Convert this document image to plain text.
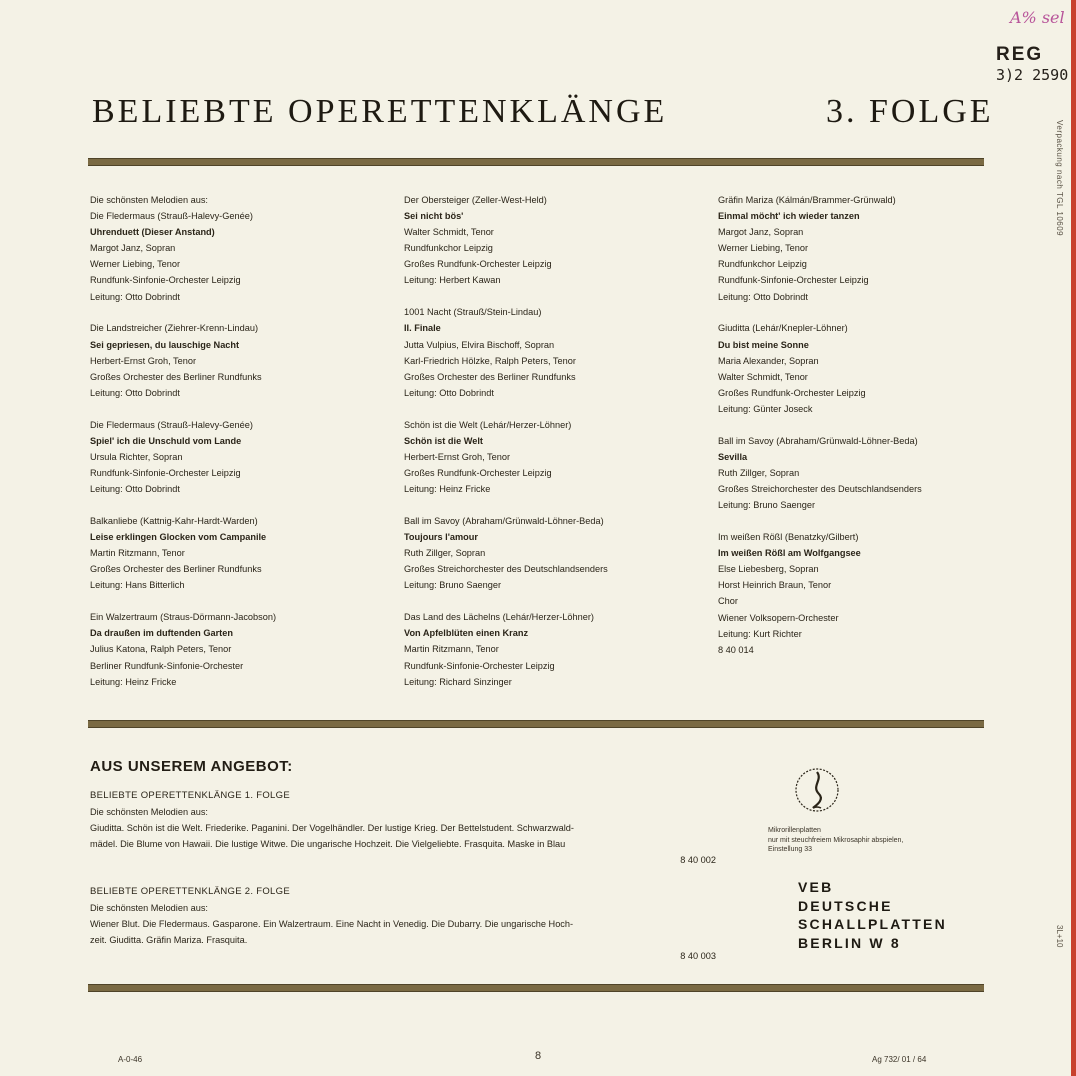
BELIEBTE OPERETTENKLÄNGE	3. FOLGE
A% sel
REG
3)2 2590
Verpackung nach TGL 10609
3L+10
Die schönsten Melodien aus:
Die Fledermaus (Strauß-Halevy-Genée)
Uhrenduett (Dieser Anstand)
Margot Janz, Sopran
Werner Liebing, Tenor
Rundfunk-Sinfonie-Orchester Leipzig
Leitung: Otto Dobrindt
Die Landstreicher (Ziehrer-Krenn-Lindau)
Sei gepriesen, du lauschige Nacht
Herbert-Ernst Groh, Tenor
Großes Orchester des Berliner Rundfunks
Leitung: Otto Dobrindt
Die Fledermaus (Strauß-Halevy-Genée)
Spiel' ich die Unschuld vom Lande
Ursula Richter, Sopran
Rundfunk-Sinfonie-Orchester Leipzig
Leitung: Otto Dobrindt
Balkanliebe (Kattnig-Kahr-Hardt-Warden)
Leise erklingen Glocken vom Campanile
Martin Ritzmann, Tenor
Großes Orchester des Berliner Rundfunks
Leitung: Hans Bitterlich
Ein Walzertraum (Straus-Dörmann-Jacobson)
Da draußen im duftenden Garten
Julius Katona, Ralph Peters, Tenor
Berliner Rundfunk-Sinfonie-Orchester
Leitung: Heinz Fricke
Der Obersteiger (Zeller-West-Held)
Sei nicht bös'
Walter Schmidt, Tenor
Rundfunkchor Leipzig
Großes Rundfunk-Orchester Leipzig
Leitung: Herbert Kawan
1001 Nacht (Strauß/Stein-Lindau)
II. Finale
Jutta Vulpius, Elvira Bischoff, Sopran
Karl-Friedrich Hölzke, Ralph Peters, Tenor
Großes Orchester des Berliner Rundfunks
Leitung: Otto Dobrindt
Schön ist die Welt (Lehár/Herzer-Löhner)
Schön ist die Welt
Herbert-Ernst Groh, Tenor
Großes Rundfunk-Orchester Leipzig
Leitung: Heinz Fricke
Ball im Savoy (Abraham/Grünwald-Löhner-Beda)
Toujours l'amour
Ruth Zillger, Sopran
Großes Streichorchester des Deutschlandsenders
Leitung: Bruno Saenger
Das Land des Lächelns (Lehár/Herzer-Löhner)
Von Apfelblüten einen Kranz
Martin Ritzmann, Tenor
Rundfunk-Sinfonie-Orchester Leipzig
Leitung: Richard Sinzinger
Gräfin Mariza (Kálmán/Brammer-Grünwald)
Einmal möcht' ich wieder tanzen
Margot Janz, Sopran
Werner Liebing, Tenor
Rundfunkchor Leipzig
Rundfunk-Sinfonie-Orchester Leipzig
Leitung: Otto Dobrindt
Giuditta (Lehár/Knepler-Löhner)
Du bist meine Sonne
Maria Alexander, Sopran
Walter Schmidt, Tenor
Großes Rundfunk-Orchester Leipzig
Leitung: Günter Joseck
Ball im Savoy (Abraham/Grünwald-Löhner-Beda)
Sevilla
Ruth Zillger, Sopran
Großes Streichorchester des Deutschlandsenders
Leitung: Bruno Saenger
Im weißen Rößl (Benatzky/Gilbert)
Im weißen Rößl am Wolfgangsee
Else Liebesberg, Sopran
Horst Heinrich Braun, Tenor
Chor
Wiener Volksopern-Orchester
Leitung: Kurt Richter
8 40 014
AUS UNSEREM ANGEBOT:
BELIEBTE OPERETTENKLÄNGE 1. FOLGE
Die schönsten Melodien aus:
Giuditta. Schön ist die Welt. Friederike. Paganini. Der Vogelhändler. Der lustige Krieg. Der Bettelstudent. Schwarzwald-
mädel. Die Blume von Hawaii. Die lustige Witwe. Die ungarische Hochzeit. Die Vielgeliebte. Frasquita. Maske in Blau
8 40 002
BELIEBTE OPERETTENKLÄNGE 2. FOLGE
Die schönsten Melodien aus:
Wiener Blut. Die Fledermaus. Gasparone. Ein Walzertraum. Eine Nacht in Venedig. Die Dubarry. Die ungarische Hoch-
zeit. Giuditta. Gräfin Mariza. Frasquita.
8 40 003
Mikrorillenplatten
nur mit steuchfreiem Mikrosaphir abspielen,
Einstellung 33
VEB
DEUTSCHE
SCHALLPLATTEN
BERLIN W 8
A-0-46	8	Ag 732/ 01 / 64
